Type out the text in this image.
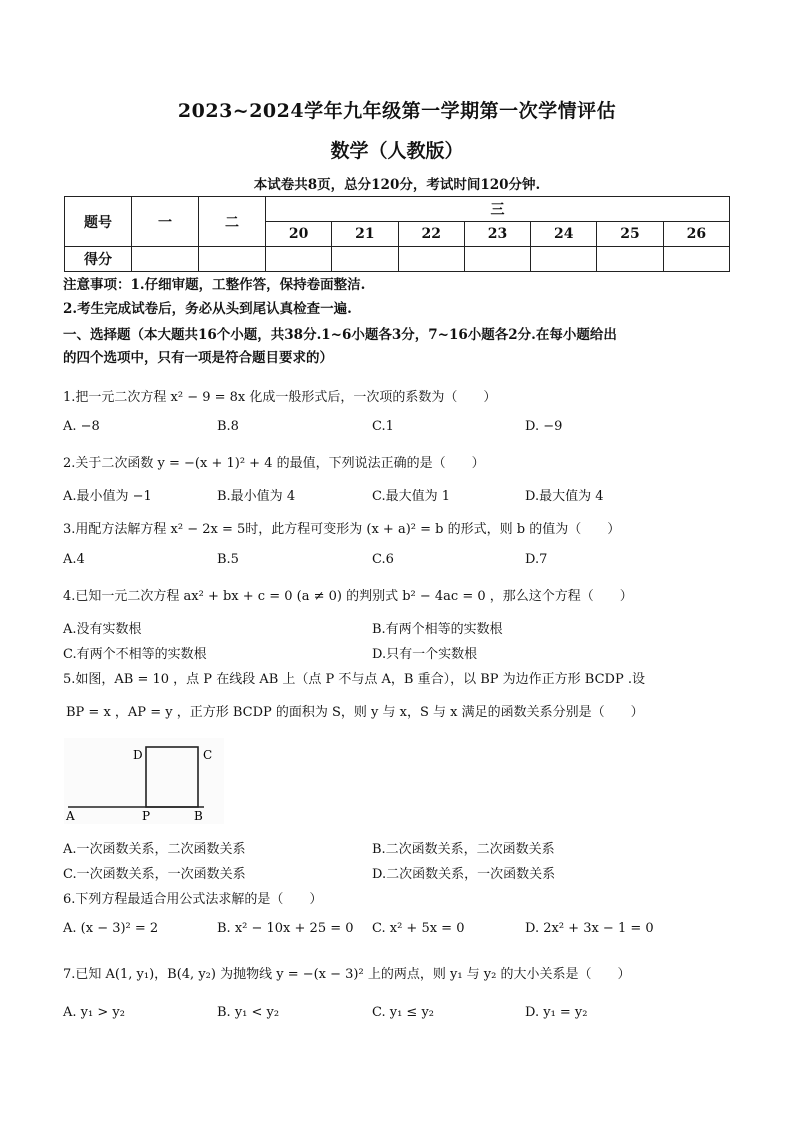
2023~2024学年九年级第一学期第一次学情评估
数学（人教版）
本试卷共8页，总分120分，考试时间120分钟.
题号	一	二	三						
			20	21	22	23	24	25	26
得分									
注意事项：1.仔细审题，工整作答，保持卷面整洁.
2.考生完成试卷后，务必从头到尾认真检查一遍.
一、选择题（本大题共16个小题，共38分.1~6小题各3分，7~16小题各2分.在每小题给出
的四个选项中，只有一项是符合题目要求的）
1.把一元二次方程 x² − 9 = 8x 化成一般形式后，一次项的系数为（　　）
A. −8	B.8	C.1	D. −9
2.关于二次函数 y = −(x + 1)² + 4 的最值，下列说法正确的是（　　）
A.最小值为 −1	B.最小值为 4	C.最大值为 1	D.最大值为 4
3.用配方法解方程 x² − 2x = 5时，此方程可变形为 (x + a)² = b 的形式，则 b 的值为（　　）
A.4	B.5	C.6	D.7
4.已知一元二次方程 ax² + bx + c = 0 (a ≠ 0) 的判别式 b² − 4ac = 0 ，那么这个方程（　　）
A.没有实数根	B.有两个相等的实数根
C.有两个不相等的实数根	D.只有一个实数根
5.如图，AB = 10 ，点 P 在线段 AB 上（点 P 不与点 A，B 重合），以 BP 为边作正方形 BCDP .设
BP = x ，AP = y ，正方形 BCDP 的面积为 S，则 y 与 x，S 与 x 满足的函数关系分别是（　　）
D	C
A	P	B
A.一次函数关系，二次函数关系	B.二次函数关系，二次函数关系
C.一次函数关系，一次函数关系	D.二次函数关系，一次函数关系
6.下列方程最适合用公式法求解的是（　　）
A. (x − 3)² = 2	B. x² − 10x + 25 = 0 C. x² + 5x = 0	D. 2x² + 3x − 1 = 0
7.已知 A(1, y₁)，B(4, y₂) 为抛物线 y = −(x − 3)² 上的两点，则 y₁ 与 y₂ 的大小关系是（　　）
A. y₁ > y₂	B. y₁ < y₂	C. y₁ ≤ y₂	D. y₁ = y₂
